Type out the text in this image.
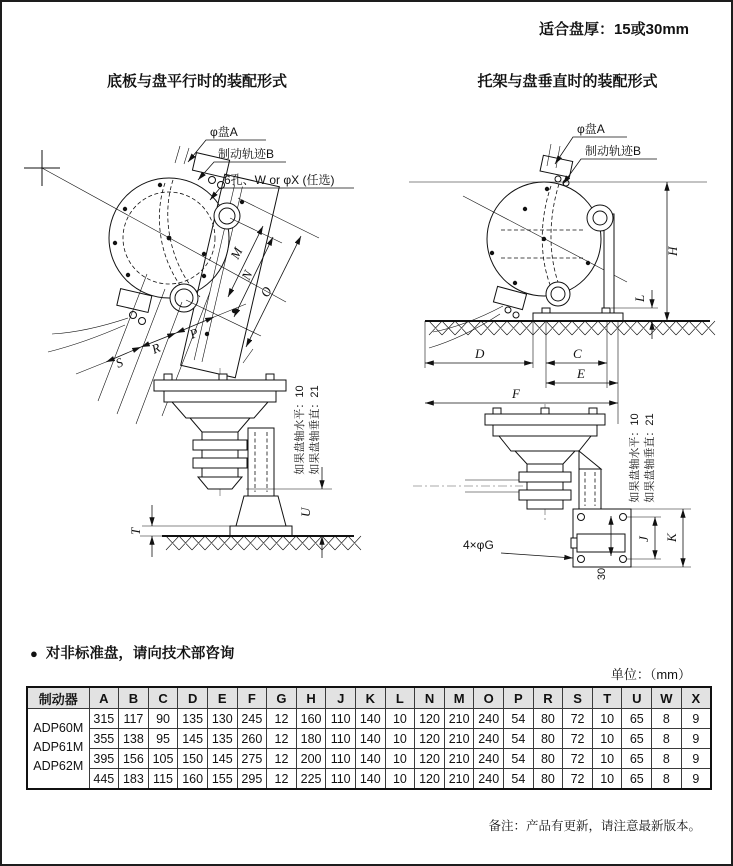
适合盘厚：15或30mm
底板与盘平行时的装配形式	托架与盘垂直时的装配形式
φ盘A
制动轨迹B
6孔、W or φX (任选)
M
N
O
S
R
P
T
U
如果盘轴水平：10 如果盘轴垂直：21
φ盘A
制动轨迹B
H
L
D	C
E
F
4×φG
30
J K
如果盘轴水平：10 如果盘轴垂直：21
● 对非标准盘，请向技术部咨询
单位：（mm）
制动器	A	B	C	D	E	F	G	H	J	K	L	N	M	O	P	R	S	T	U	W	X

ADP60M
ADP61M
ADP62M	315	117	90	135	130	245	12	160	110	140	10	120	210	240	54	80	72	10	65	8	9
	355	138	95	145	135	260	12	180	110	140	10	120	210	240	54	80	72	10	65	8	9
	395	156	105	150	145	275	12	200	110	140	10	120	210	240	54	80	72	10	65	8	9
	445	183	115	160	155	295	12	225	110	140	10	120	210	240	54	80	72	10	65	8	9
备注：产品有更新，请注意最新版本。
